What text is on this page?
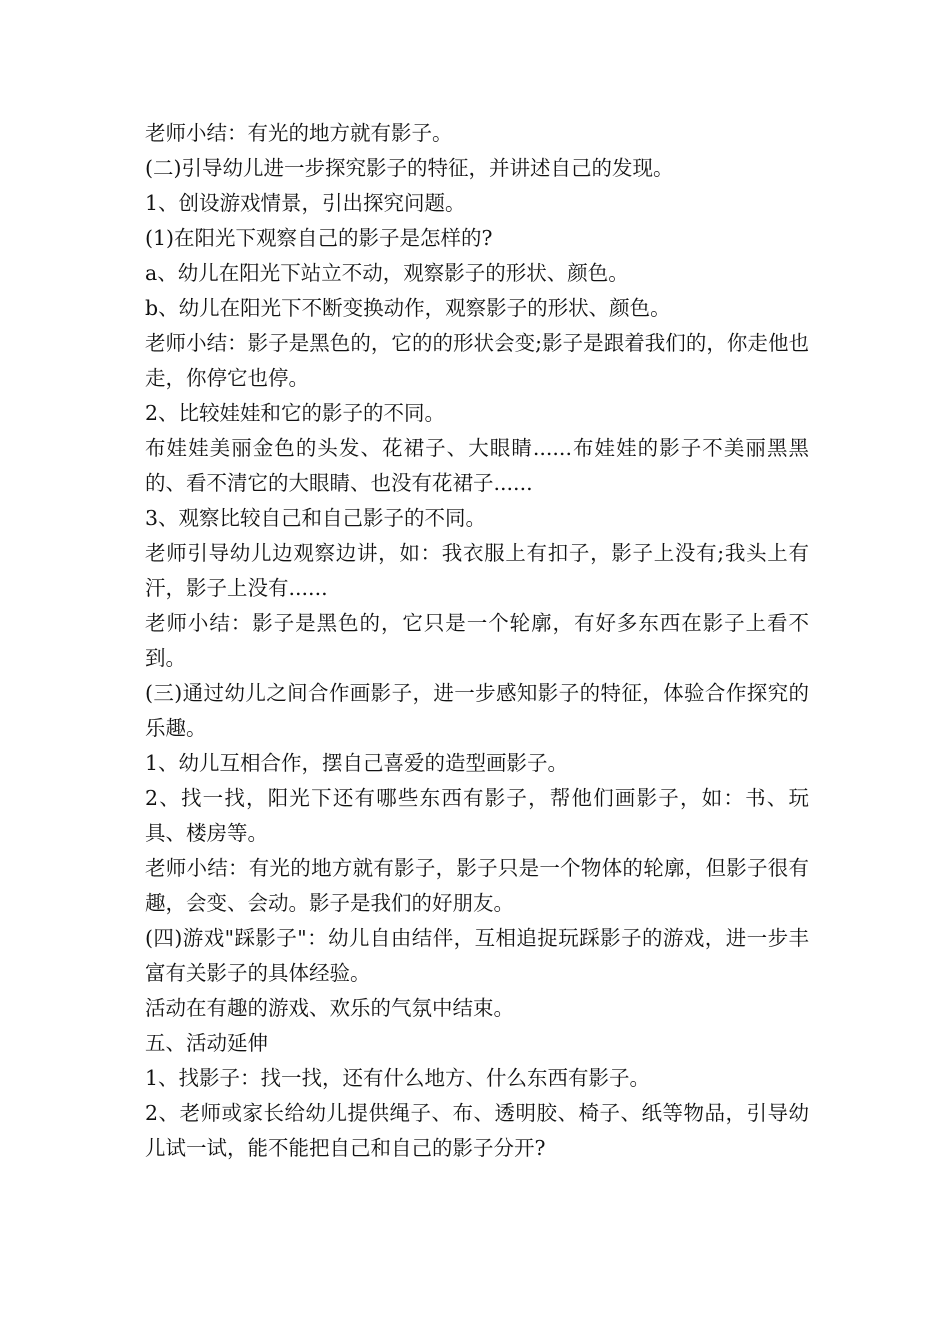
老师小结：有光的地方就有影子。

(二)引导幼儿进一步探究影子的特征，并讲述自己的发现。

1、创设游戏情景，引出探究问题。

(1)在阳光下观察自己的影子是怎样的?

a、幼儿在阳光下站立不动，观察影子的形状、颜色。

b、幼儿在阳光下不断变换动作，观察影子的形状、颜色。

老师小结：影子是黑色的，它的的形状会变;影子是跟着我们的，你走他也走，你停它也停。

2、比较娃娃和它的影子的不同。

布娃娃美丽金色的头发、花裙子、大眼睛......布娃娃的影子不美丽黑黑的、看不清它的大眼睛、也没有花裙子......

3、观察比较自己和自己影子的不同。

老师引导幼儿边观察边讲，如：我衣服上有扣子，影子上没有;我头上有汗，影子上没有......

老师小结：影子是黑色的，它只是一个轮廓，有好多东西在影子上看不到。

(三)通过幼儿之间合作画影子，进一步感知影子的特征，体验合作探究的乐趣。

1、幼儿互相合作，摆自己喜爱的造型画影子。

2、找一找，阳光下还有哪些东西有影子，帮他们画影子，如：书、玩具、楼房等。

老师小结：有光的地方就有影子，影子只是一个物体的轮廓，但影子很有趣，会变、会动。影子是我们的好朋友。

(四)游戏"踩影子"：幼儿自由结伴，互相追捉玩踩影子的游戏，进一步丰富有关影子的具体经验。

活动在有趣的游戏、欢乐的气氛中结束。

五、活动延伸

1、找影子：找一找，还有什么地方、什么东西有影子。

2、老师或家长给幼儿提供绳子、布、透明胶、椅子、纸等物品，引导幼儿试一试，能不能把自己和自己的影子分开?
